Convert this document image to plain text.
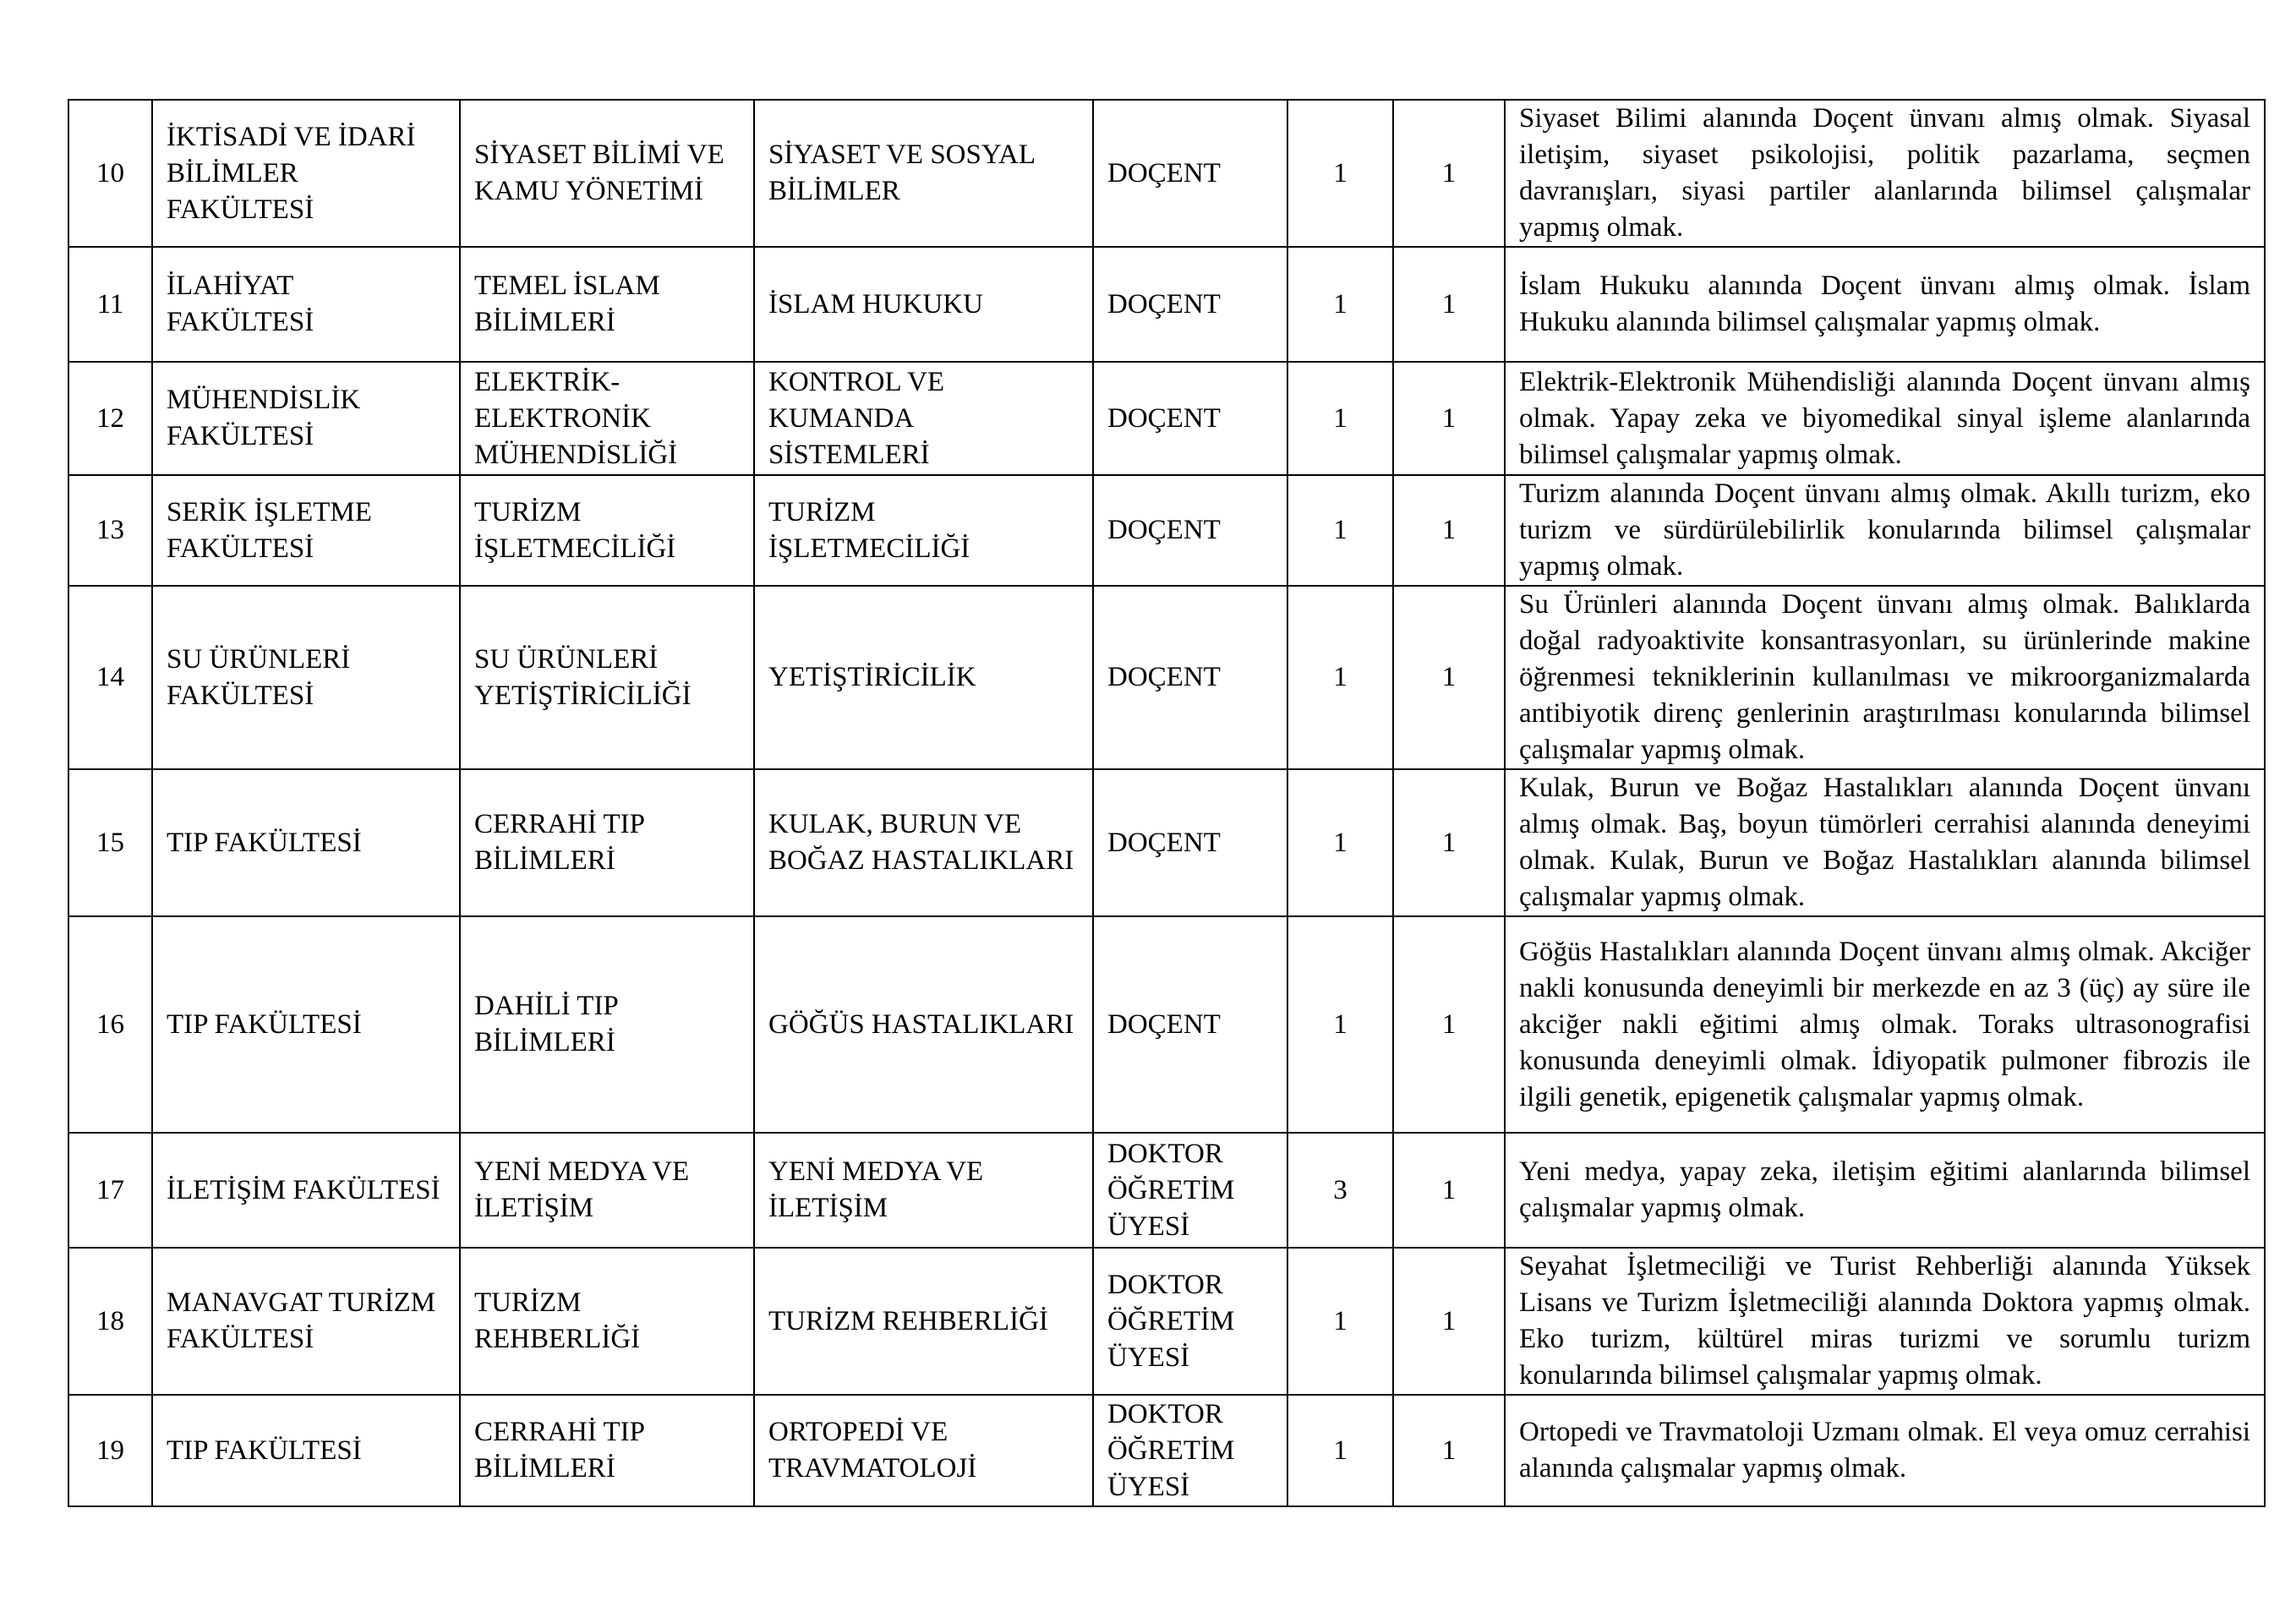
10	İKTİSADİ VE İDARİ BİLİMLER FAKÜLTESİ	SİYASET BİLİMİ VE KAMU YÖNETİMİ	SİYASET VE SOSYAL BİLİMLER	DOÇENT	1	1	Siyaset Bilimi alanında Doçent ünvanı almış olmak. Siyasal iletişim, siyaset psikolojisi, politik pazarlama, seçmen davranışları, siyasi partiler alanlarında bilimsel çalışmalar yapmış olmak.
11	İLAHİYAT FAKÜLTESİ	TEMEL İSLAM BİLİMLERİ	İSLAM HUKUKU	DOÇENT	1	1	İslam Hukuku alanında Doçent ünvanı almış olmak. İslam Hukuku alanında bilimsel çalışmalar yapmış olmak.
12	MÜHENDİSLİK FAKÜLTESİ	ELEKTRİK-ELEKTRONİK MÜHENDİSLİĞİ	KONTROL VE KUMANDA SİSTEMLERİ	DOÇENT	1	1	Elektrik-Elektronik Mühendisliği alanında Doçent ünvanı almış olmak. Yapay zeka ve biyomedikal sinyal işleme alanlarında bilimsel çalışmalar yapmış olmak.
13	SERİK İŞLETME FAKÜLTESİ	TURİZM İŞLETMECİLİĞİ	TURİZM İŞLETMECİLİĞİ	DOÇENT	1	1	Turizm alanında Doçent ünvanı almış olmak. Akıllı turizm, eko turizm ve sürdürülebilirlik konularında bilimsel çalışmalar yapmış olmak.
14	SU ÜRÜNLERİ FAKÜLTESİ	SU ÜRÜNLERİ YETİŞTİRİCİLİĞİ	YETİŞTİRİCİLİK	DOÇENT	1	1	Su Ürünleri alanında Doçent ünvanı almış olmak. Balıklarda doğal radyoaktivite konsantrasyonları, su ürünlerinde makine öğrenmesi tekniklerinin kullanılması ve mikroorganizmalarda antibiyotik direnç genlerinin araştırılması konularında bilimsel çalışmalar yapmış olmak.
15	TIP FAKÜLTESİ	CERRAHİ TIP BİLİMLERİ	KULAK, BURUN VE BOĞAZ HASTALIKLARI	DOÇENT	1	1	Kulak, Burun ve Boğaz Hastalıkları alanında Doçent ünvanı almış olmak. Baş, boyun tümörleri cerrahisi alanında deneyimi olmak. Kulak, Burun ve Boğaz Hastalıkları alanında bilimsel çalışmalar yapmış olmak.
16	TIP FAKÜLTESİ	DAHİLİ TIP BİLİMLERİ	GÖĞÜS HASTALIKLARI	DOÇENT	1	1	Göğüs Hastalıkları alanında Doçent ünvanı almış olmak. Akciğer nakli konusunda deneyimli bir merkezde en az 3 (üç) ay süre ile akciğer nakli eğitimi almış olmak. Toraks ultrasonografisi konusunda deneyimli olmak. İdiyopatik pulmoner fibrozis ile ilgili genetik, epigenetik çalışmalar yapmış olmak.
17	İLETİŞİM FAKÜLTESİ	YENİ MEDYA VE İLETİŞİM	YENİ MEDYA VE İLETİŞİM	DOKTOR ÖĞRETİM ÜYESİ	3	1	Yeni medya, yapay zeka, iletişim eğitimi alanlarında bilimsel çalışmalar yapmış olmak.
18	MANAVGAT TURİZM FAKÜLTESİ	TURİZM REHBERLİĞİ	TURİZM REHBERLİĞİ	DOKTOR ÖĞRETİM ÜYESİ	1	1	Seyahat İşletmeciliği ve Turist Rehberliği alanında Yüksek Lisans ve Turizm İşletmeciliği alanında Doktora yapmış olmak. Eko turizm, kültürel miras turizmi ve sorumlu turizm konularında bilimsel çalışmalar yapmış olmak.
19	TIP FAKÜLTESİ	CERRAHİ TIP BİLİMLERİ	ORTOPEDİ VE TRAVMATOLOJİ	DOKTOR ÖĞRETİM ÜYESİ	1	1	Ortopedi ve Travmatoloji Uzmanı olmak. El veya omuz cerrahisi alanında çalışmalar yapmış olmak.
